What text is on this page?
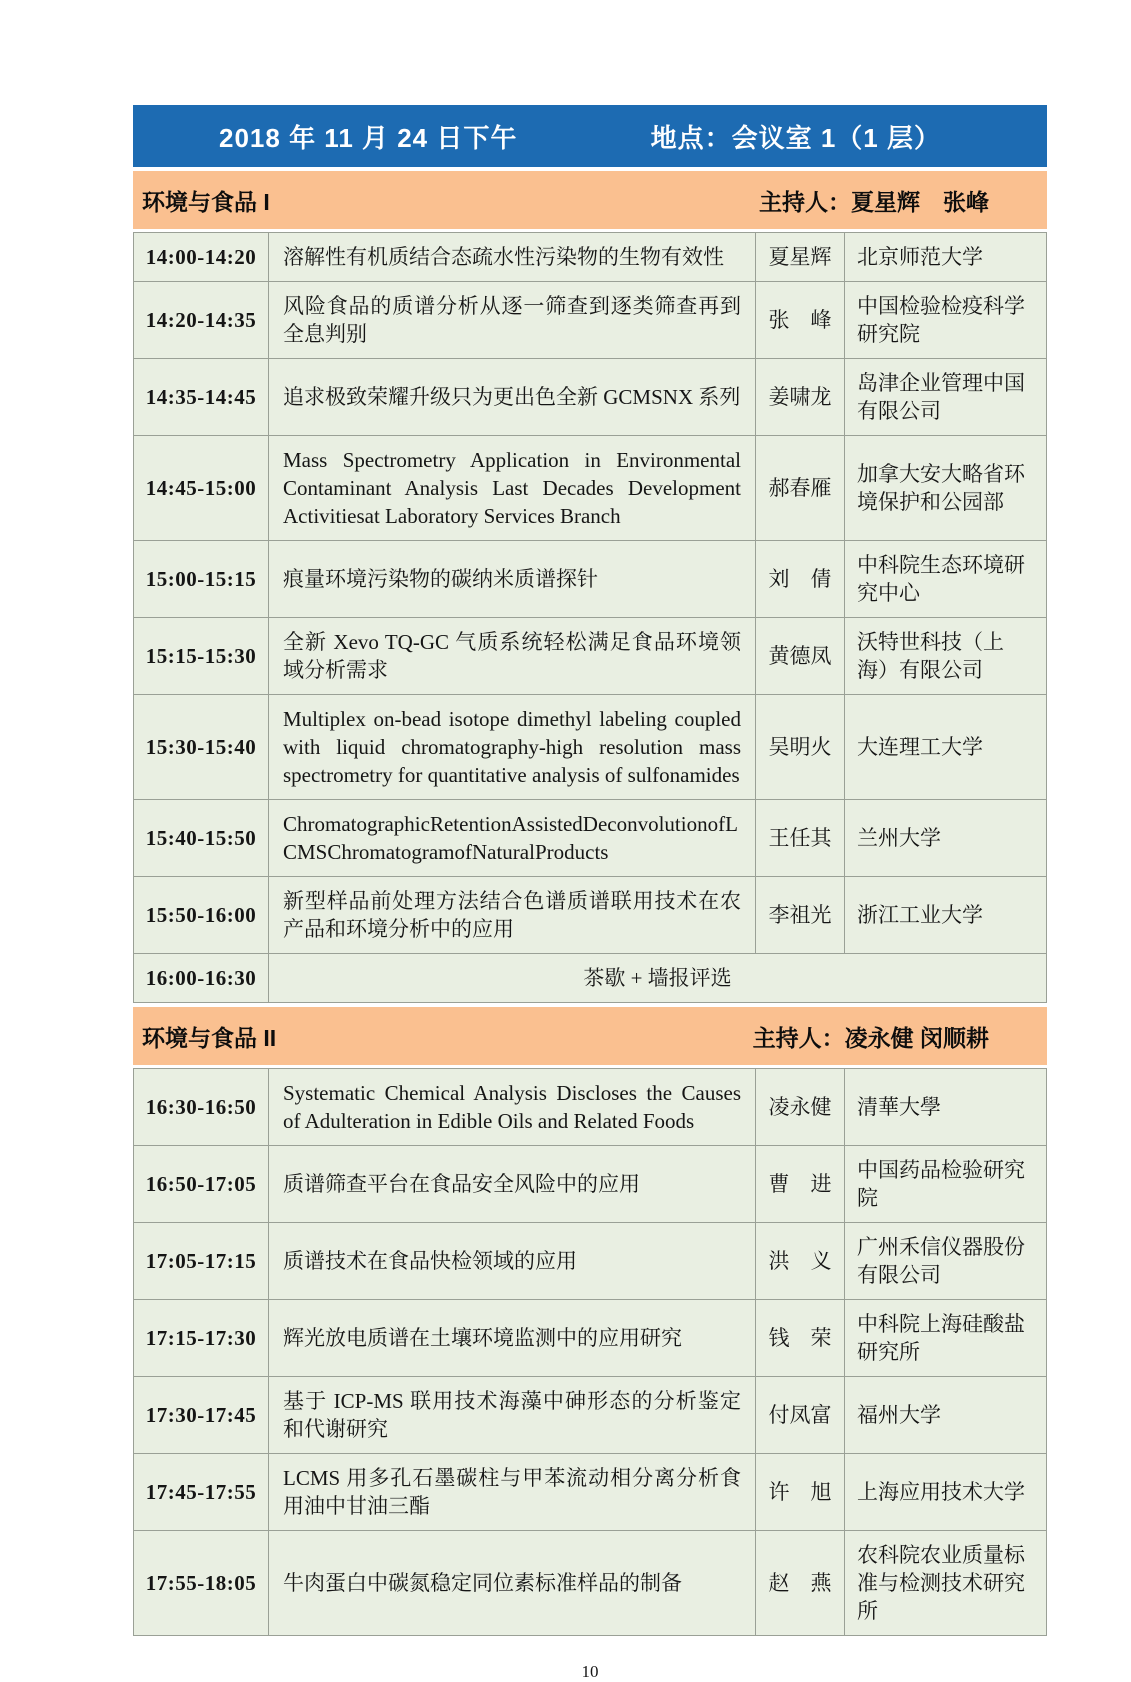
2018 年 11 月 24 日下午	地点：会议室 1（1 层）
环境与食品 I	主持人：夏星辉　张峰
14:00-14:20	溶解性有机质结合态疏水性污染物的生物有效性	夏星辉	北京师范大学
14:20-14:35	风险食品的质谱分析从逐一筛查到逐类筛查再到全息判别	张　峰	中国检验检疫科学研究院
14:35-14:45	追求极致荣耀升级只为更出色全新 GCMSNX 系列	姜啸龙	岛津企业管理中国有限公司
14:45-15:00	Mass Spectrometry Application in Environmental Contaminant Analysis Last Decades Development Activitiesat Laboratory Services Branch	郝春雁	加拿大安大略省环境保护和公园部
15:00-15:15	痕量环境污染物的碳纳米质谱探针	刘　倩	中科院生态环境研究中心
15:15-15:30	全新 Xevo TQ-GC 气质系统轻松满足食品环境领域分析需求	黄德凤	沃特世科技（上海）有限公司
15:30-15:40	Multiplex on-bead isotope dimethyl labeling coupled with liquid chromatography-high resolution mass spectrometry for quantitative analysis of sulfonamides	吴明火	大连理工大学
15:40-15:50	ChromatographicRetentionAssistedDeconvolutionofLCMSChromatogramofNaturalProducts	王任其	兰州大学
15:50-16:00	新型样品前处理方法结合色谱质谱联用技术在农产品和环境分析中的应用	李祖光	浙江工业大学
16:00-16:30	茶歇 + 墙报评选		
环境与食品 II	主持人：凌永健 闵顺耕
16:30-16:50	Systematic Chemical Analysis Discloses the Causes of Adulteration in Edible Oils and Related Foods	凌永健	清華大學
16:50-17:05	质谱筛查平台在食品安全风险中的应用	曹　进	中国药品检验研究院
17:05-17:15	质谱技术在食品快检领域的应用	洪　义	广州禾信仪器股份有限公司
17:15-17:30	辉光放电质谱在土壤环境监测中的应用研究	钱　荣	中科院上海硅酸盐研究所
17:30-17:45	基于 ICP-MS 联用技术海藻中砷形态的分析鉴定和代谢研究	付凤富	福州大学
17:45-17:55	LCMS 用多孔石墨碳柱与甲苯流动相分离分析食用油中甘油三酯	许　旭	上海应用技术大学
17:55-18:05	牛肉蛋白中碳氮稳定同位素标准样品的制备	赵　燕	农科院农业质量标准与检测技术研究所
10
